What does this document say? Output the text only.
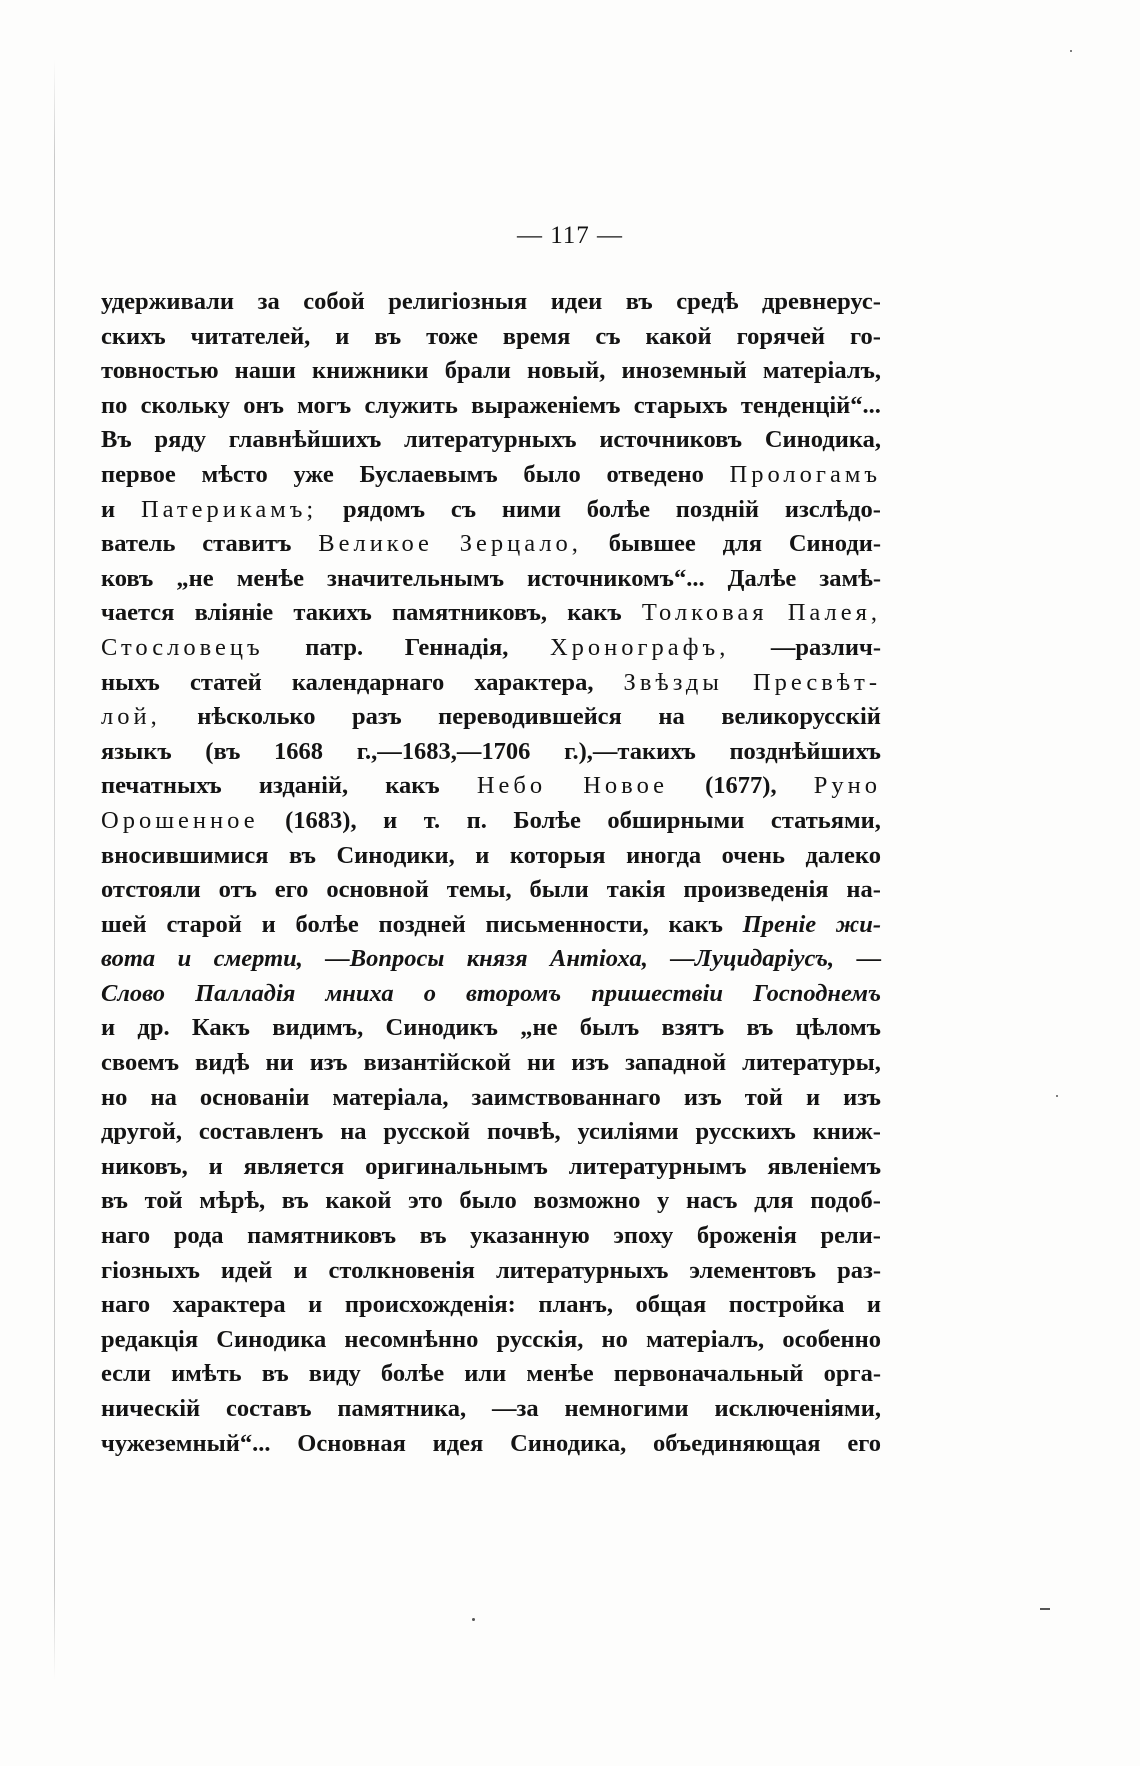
— 117 —
удерживали за собой религіозныя идеи въ средѣ древнерус-
скихъ читателей, и въ тоже время съ какой горячей го-
товностью наши книжники брали новый, иноземный матеріалъ,
по скольку онъ могъ служить выраженіемъ старыхъ тенденцій“...
Въ ряду главнѣйшихъ литературныхъ источниковъ Синодика,
первое мѣсто уже Буслаевымъ было отведено Прологамъ
и Патерикамъ; рядомъ съ ними болѣе поздній изслѣдо-
ватель ставитъ Великое Зерцало, бывшее для Синоди-
ковъ „не менѣе значительнымъ источникомъ“... Далѣе замѣ-
чается вліяніе такихъ памятниковъ, какъ Толковая Палея,
Стословецъ патр. Геннадія, Хронографъ, —различ-
ныхъ статей календарнаго характера, Звѣзды Пресвѣт-
лой, нѣсколько разъ переводившейся на великорусскій
языкъ (въ 1668 г.,—1683,—1706 г.),—такихъ позднѣйшихъ
печатныхъ изданій, какъ Небо Новое (1677), Руно
Орошенное (1683), и т. п. Болѣе обширными статьями,
вносившимися въ Синодики, и которыя иногда очень далеко
отстояли отъ его основной темы, были такія произведенія на-
шей старой и болѣе поздней письменности, какъ Преніе жи-
вота и смерти, —Вопросы князя Антіоха, —Луцидаріусъ, —
Слово Палладія мниха о второмъ пришествіи Господнемъ
и др. Какъ видимъ, Синодикъ „не былъ взятъ въ цѣломъ
своемъ видѣ ни изъ византійской ни изъ западной литературы,
но на основаніи матеріала, заимствованнаго изъ той и изъ
другой, составленъ на русской почвѣ, усиліями русскихъ книж-
никовъ, и является оригинальнымъ литературнымъ явленіемъ
въ той мѣрѣ, въ какой это было возможно у насъ для подоб-
наго рода памятниковъ въ указанную эпоху броженія рели-
гіозныхъ идей и столкновенія литературныхъ элементовъ раз-
наго характера и происхожденія: планъ, общая постройка и
редакція Синодика несомнѣнно русскія, но матеріалъ, особенно
если имѣть въ виду болѣе или менѣе первоначальный орга-
ническій составъ памятника, —за немногими исключеніями,
чужеземный“... Основная идея Синодика, объединяющая его
